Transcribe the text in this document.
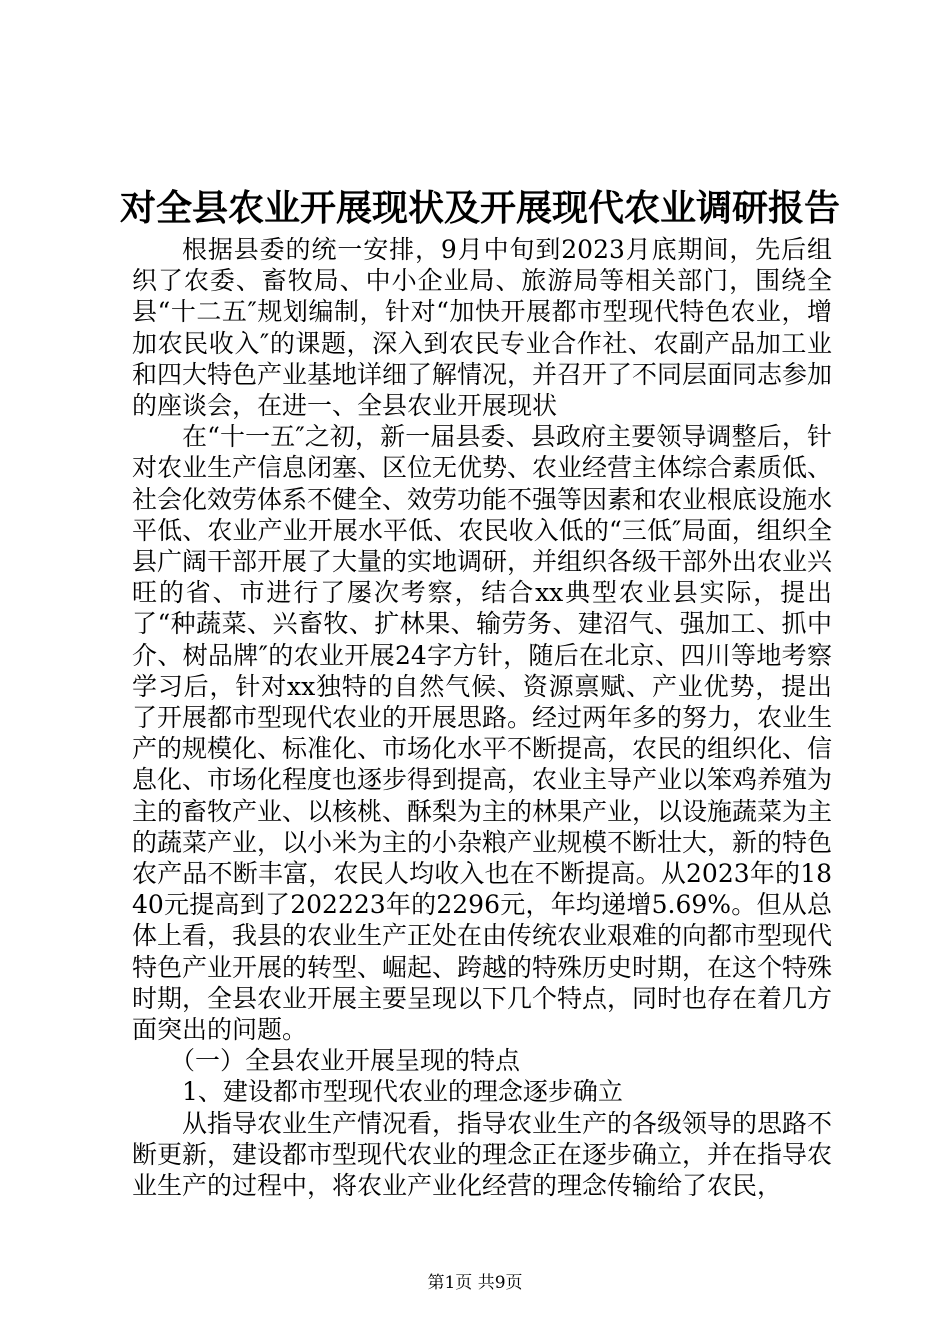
对全县农业开展现状及开展现代农业调研报告

根据县委的统一安排，9月中旬到2023月底期间，先后组织了农委、畜牧局、中小企业局、旅游局等相关部门，围绕全县“十二五″规划编制，针对“加快开展都市型现代特色农业，增加农民收入″的课题，深入到农民专业合作社、农副产品加工业和四大特色产业基地详细了解情况，并召开了不同层面同志参加的座谈会，在进一、全县农业开展现状

在“十一五″之初，新一届县委、县政府主要领导调整后，针对农业生产信息闭塞、区位无优势、农业经营主体综合素质低、社会化效劳体系不健全、效劳功能不强等因素和农业根底设施水平低、农业产业开展水平低、农民收入低的“三低″局面，组织全县广阔干部开展了大量的实地调研，并组织各级干部外出农业兴旺的省、市进行了屡次考察，结合xx典型农业县实际，提出了“种蔬菜、兴畜牧、扩林果、输劳务、建沼气、强加工、抓中介、树品牌″的农业开展24字方针，随后在北京、四川等地考察学习后，针对xx独特的自然气候、资源禀赋、产业优势，提出了开展都市型现代农业的开展思路。经过两年多的努力，农业生产的规模化、标准化、市场化水平不断提高，农民的组织化、信息化、市场化程度也逐步得到提高，农业主导产业以笨鸡养殖为主的畜牧产业、以核桃、酥梨为主的林果产业，以设施蔬菜为主的蔬菜产业，以小米为主的小杂粮产业规模不断壮大，新的特色农产品不断丰富，农民人均收入也在不断提高。从2023年的1840元提高到了202223年的2296元，年均递增5.69%。但从总体上看，我县的农业生产正处在由传统农业艰难的向都市型现代特色产业开展的转型、崛起、跨越的特殊历史时期，在这个特殊时期，全县农业开展主要呈现以下几个特点，同时也存在着几方面突出的问题。

（一）全县农业开展呈现的特点

1、建设都市型现代农业的理念逐步确立

从指导农业生产情况看，指导农业生产的各级领导的思路不断更新，建设都市型现代农业的理念正在逐步确立，并在指导农业生产的过程中，将农业产业化经营的理念传输给了农民，

第1页 共9页
